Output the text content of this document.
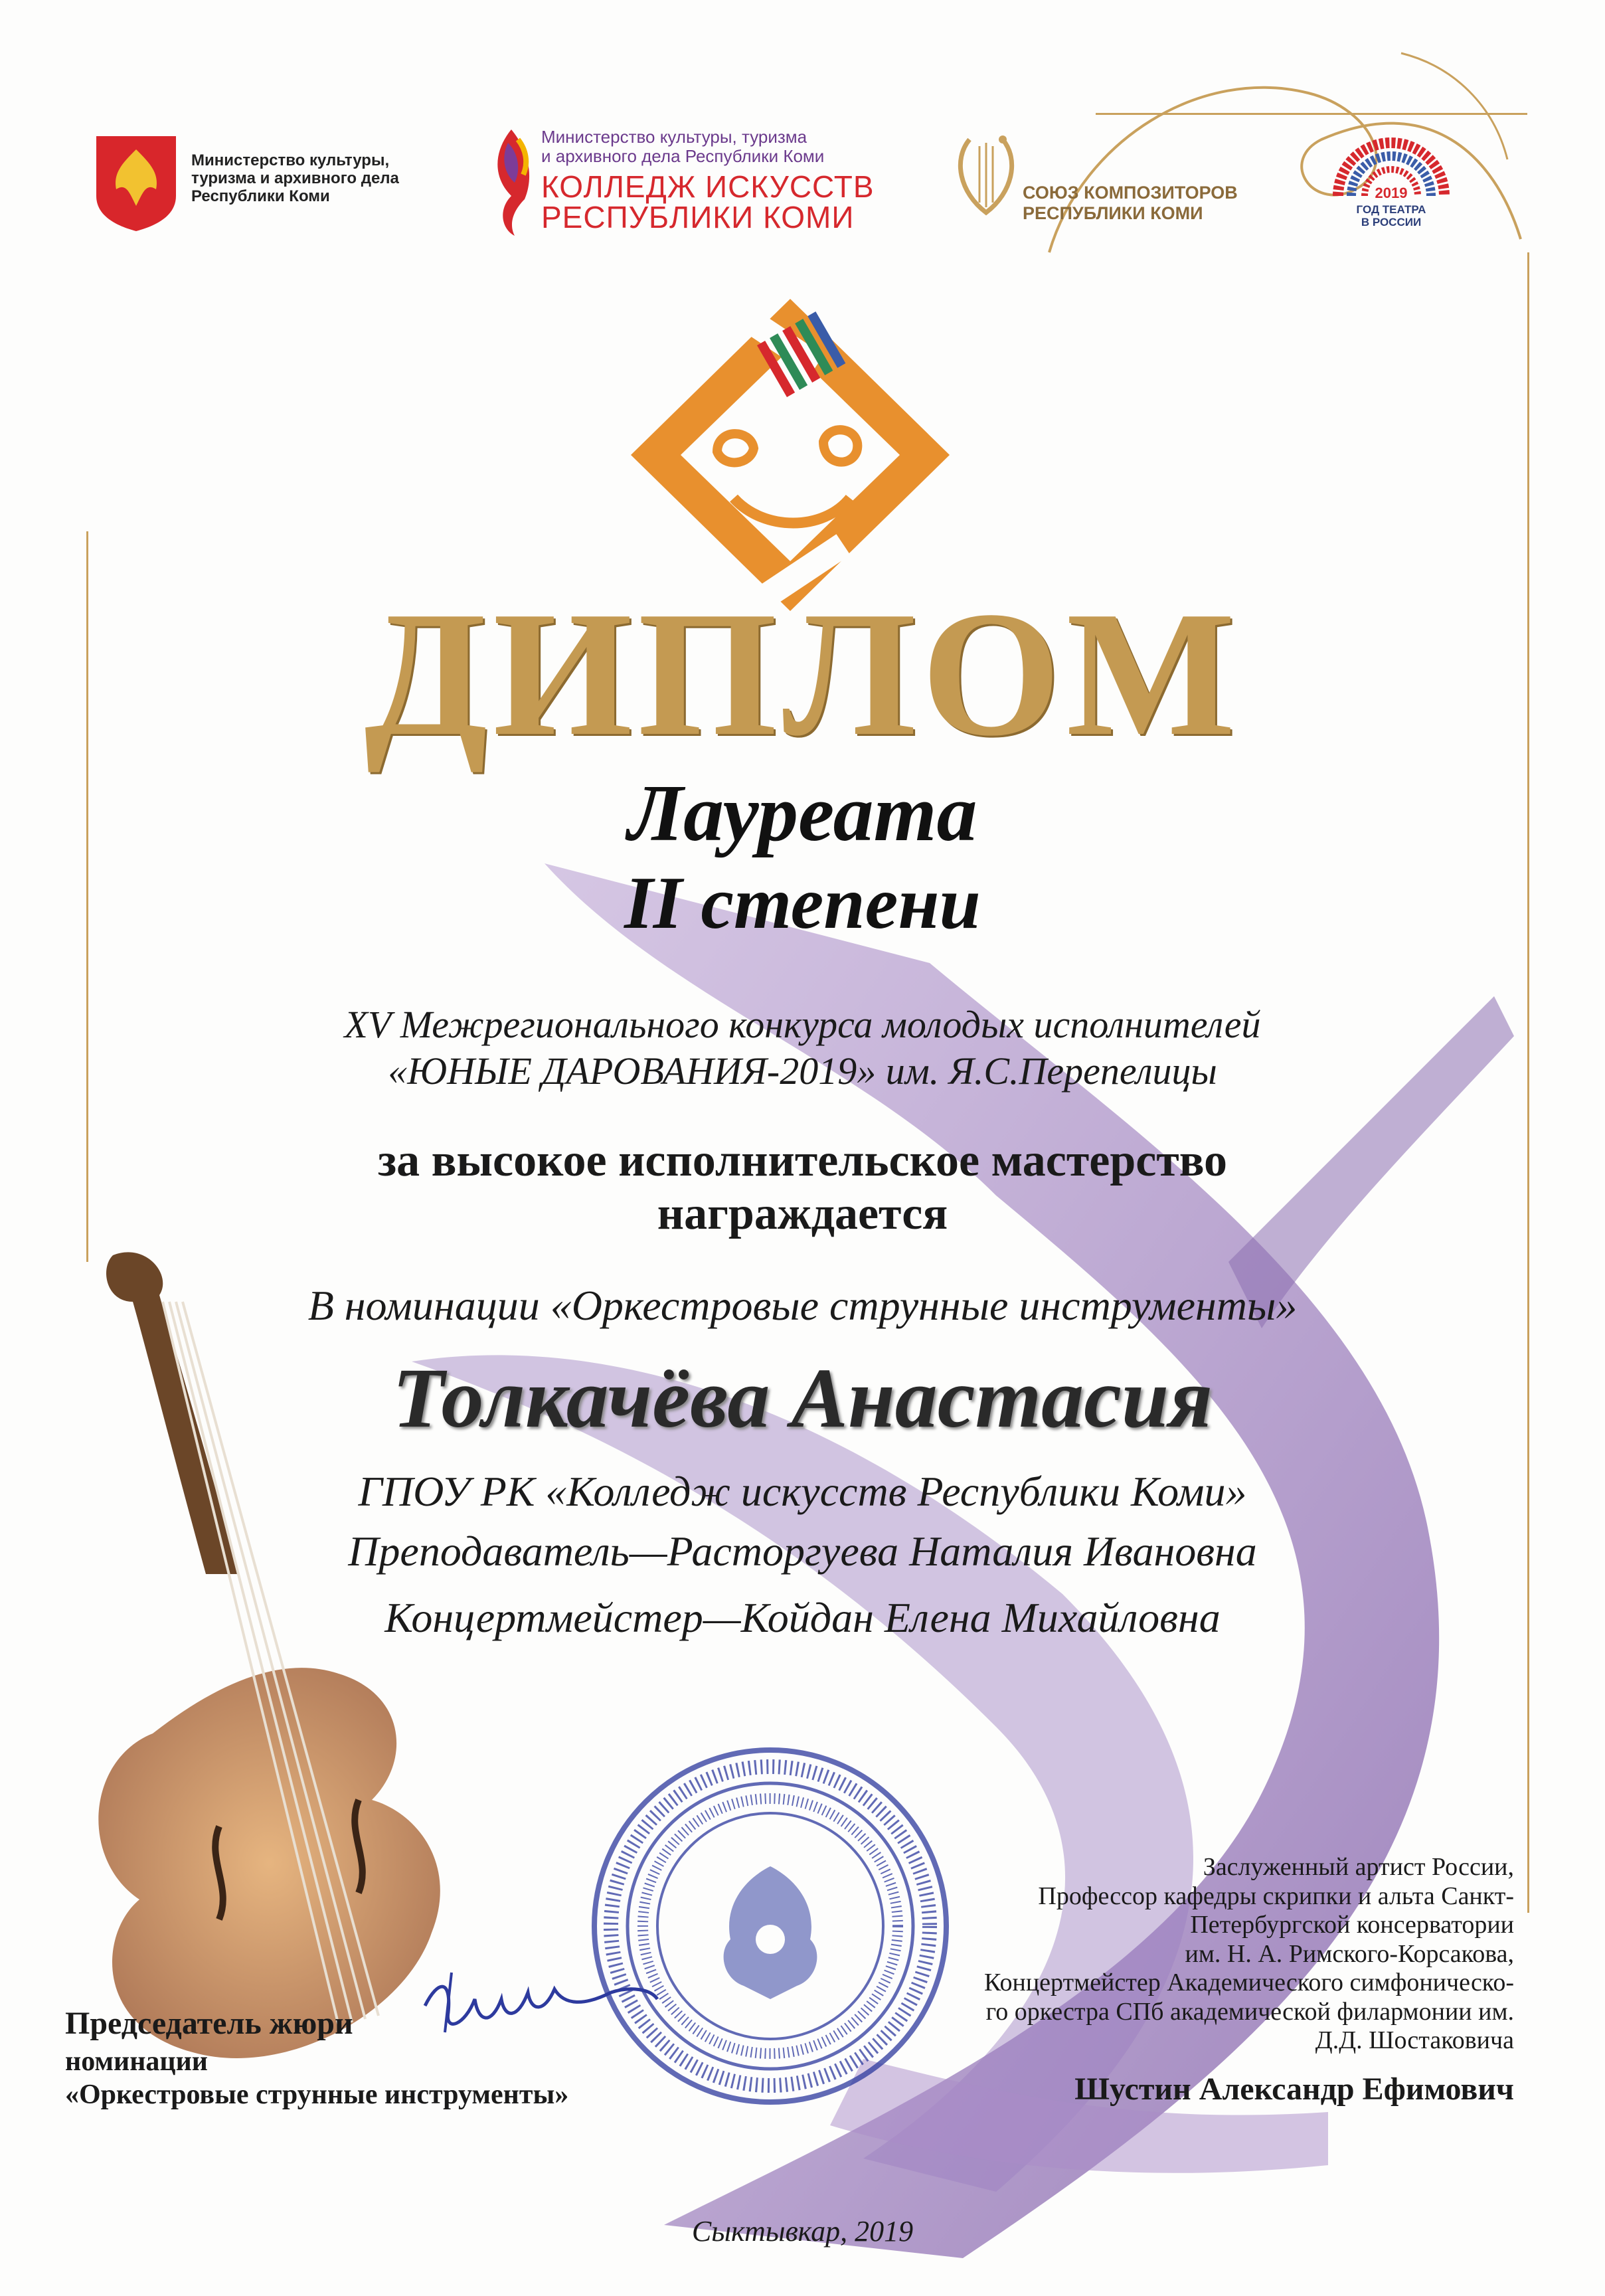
Министерство культуры,
туризма и архивного дела
Республики Коми
Министерство культуры, туризма
и архивного дела Республики Коми
КОЛЛЕДЖ ИСКУССТВ
РЕСПУБЛИКИ КОМИ
СОЮЗ КОМПОЗИТОРОВ
РЕСПУБЛИКИ КОМИ
2019
ГОД ТЕАТРА
В РОССИИ
ДИПЛОМ
Лауреата
II степени
XV Межрегионального конкурса молодых исполнителей
«ЮНЫЕ ДАРОВАНИЯ-2019» им. Я.С.Перепелицы
за высокое исполнительское мастерство
награждается
В номинации «Оркестровые струнные инструменты»
Толкачёва Анастасия
ГПОУ РК «Колледж искусств Республики Коми»
Преподаватель—Расторгуева Наталия Ивановна
Концертмейстер—Койдан Елена Михайловна
Председатель жюри
номинации
«Оркестровые струнные инструменты»
Заслуженный артист России,
Профессор кафедры скрипки и альта Санкт-
Петербургской консерватории
им. Н. А. Римского-Корсакова,
Концертмейстер Академического симфоническо-
го оркестра СПб академической филармонии им.
Д.Д. Шостаковича
Шустин Александр Ефимович
Сыктывкар, 2019
